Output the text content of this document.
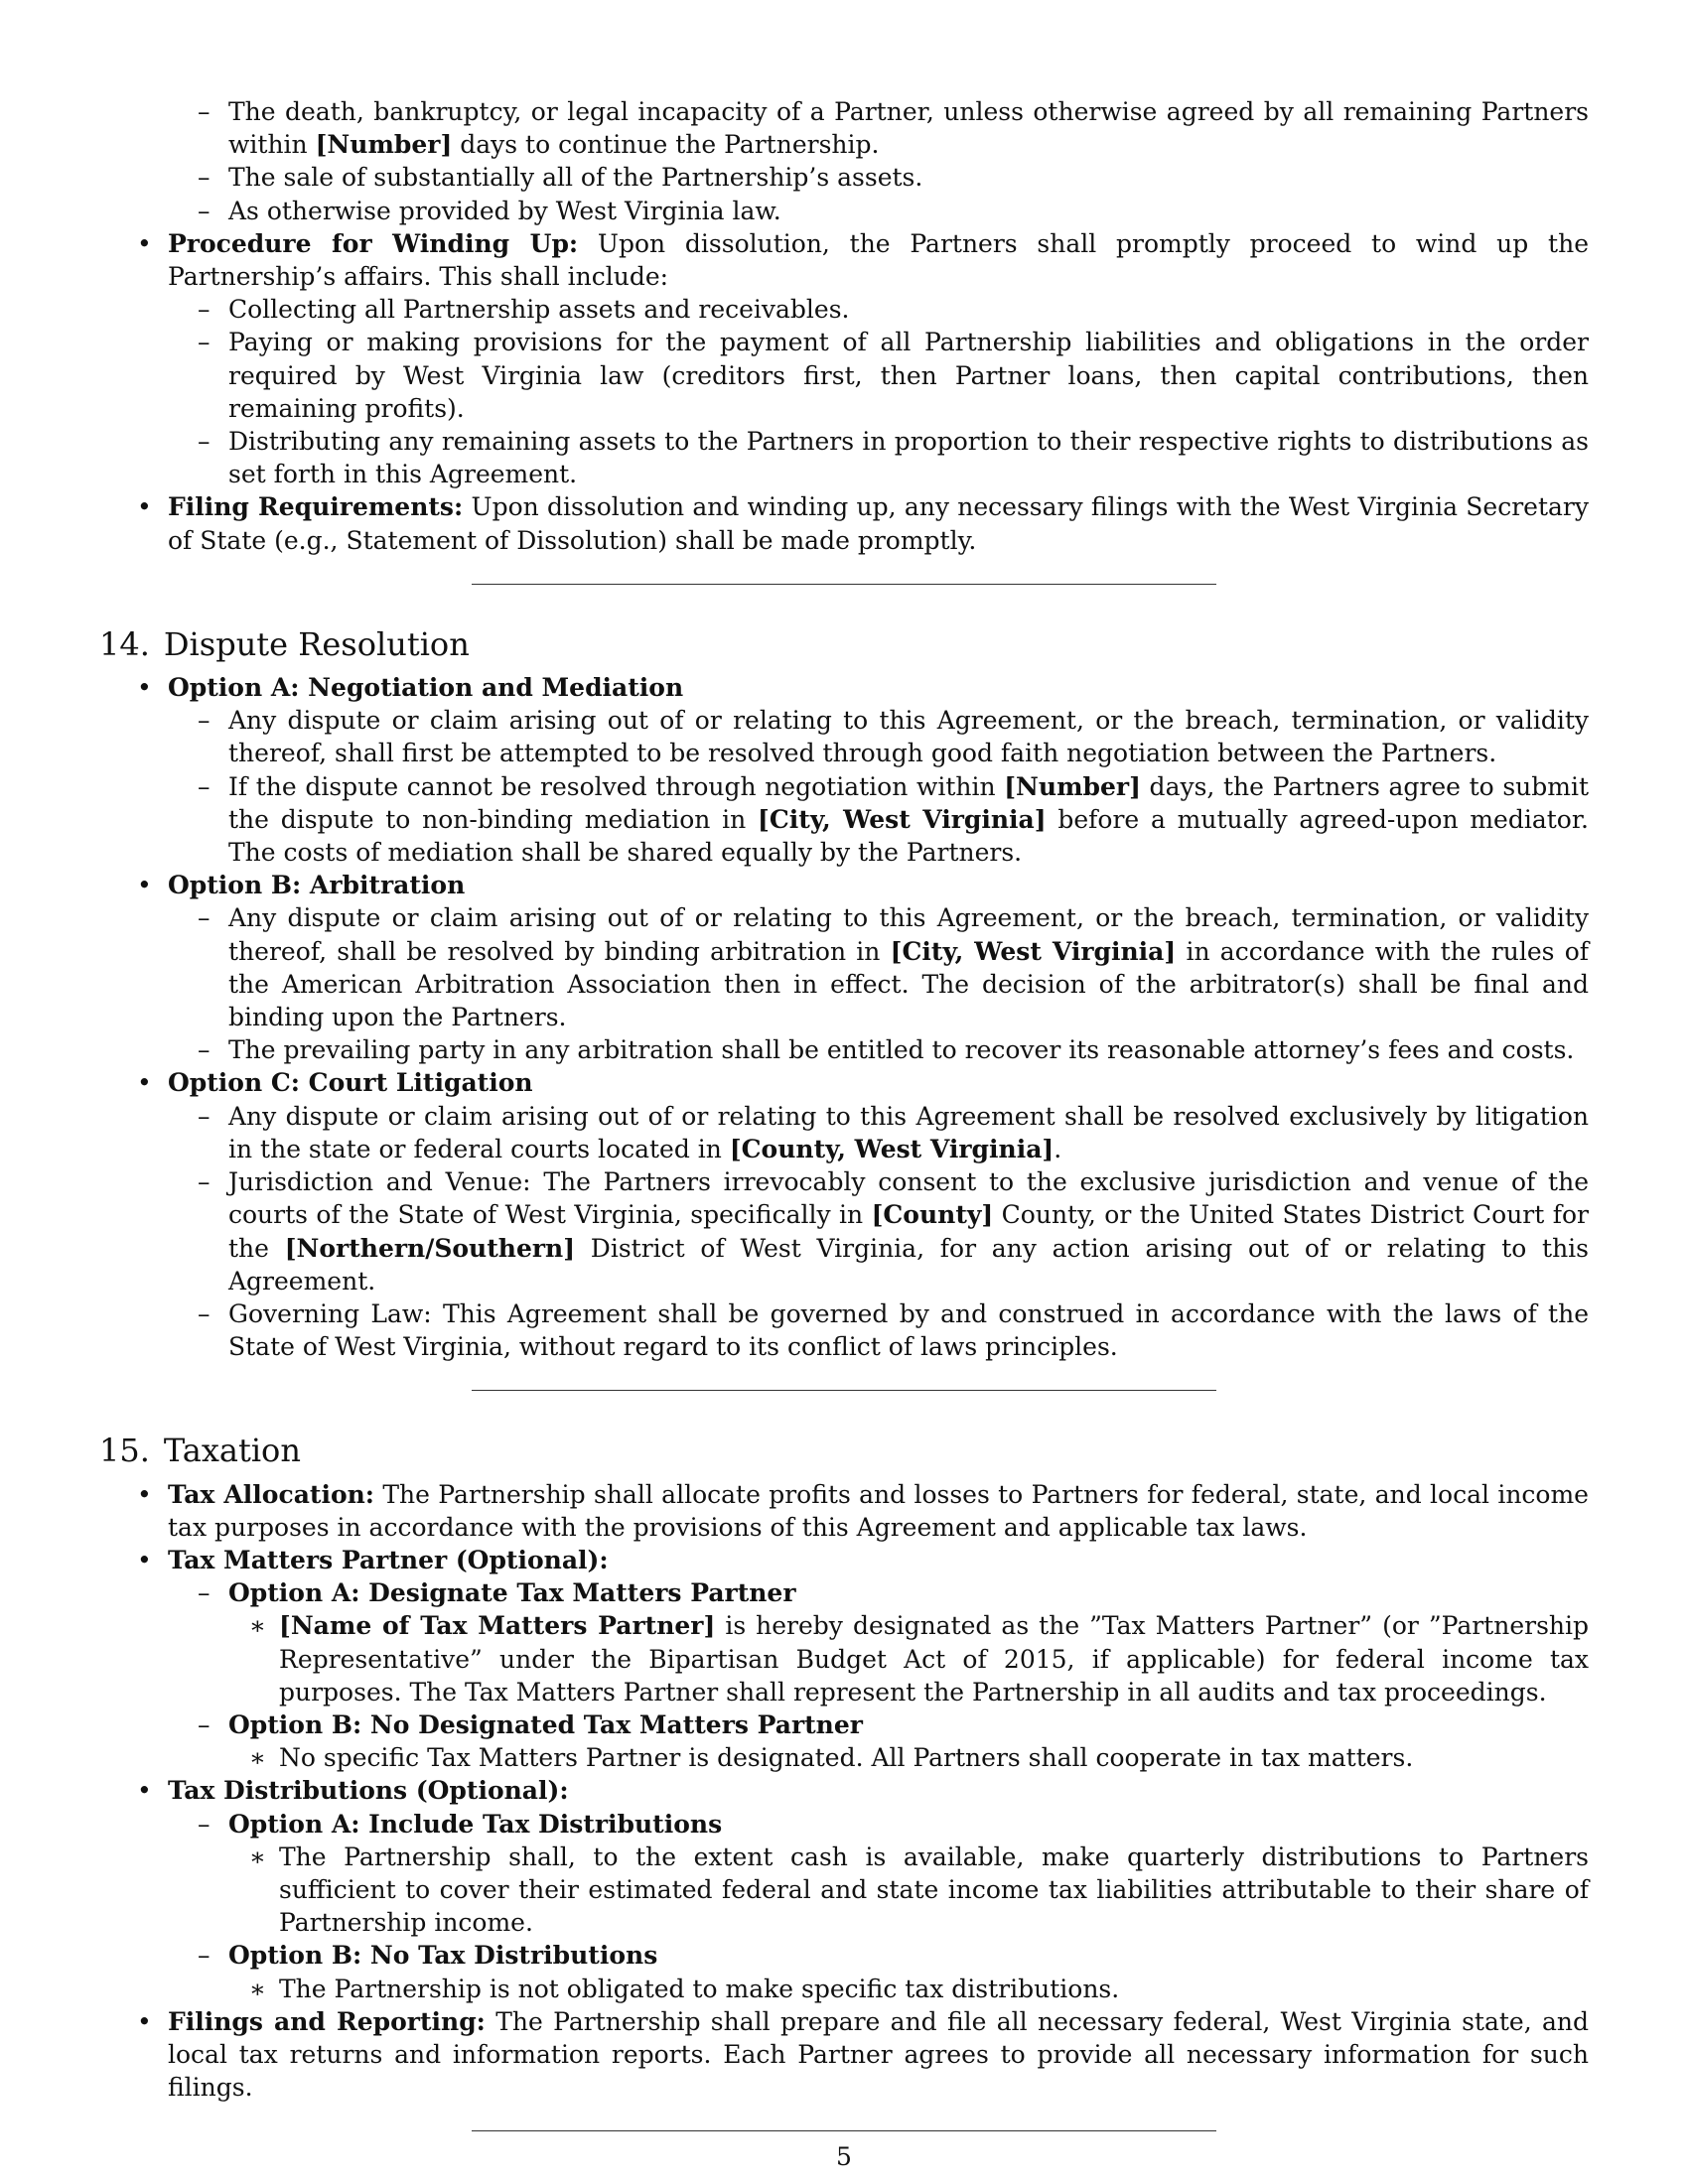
– The death, bankruptcy, or legal incapacity of a Partner, unless otherwise agreed by all remaining Partners within [Number] days to continue the Partnership.
– The sale of substantially all of the Partnership’s assets.
– As otherwise provided by West Virginia law.
• Procedure for Winding Up: Upon dissolution, the Partners shall promptly proceed to wind up the Partnership’s affairs. This shall include:
– Collecting all Partnership assets and receivables.
– Paying or making provisions for the payment of all Partnership liabilities and obligations in the order required by West Virginia law (creditors first, then Partner loans, then capital contributions, then remaining profits).
– Distributing any remaining assets to the Partners in proportion to their respective rights to distributions as set forth in this Agreement.
• Filing Requirements: Upon dissolution and winding up, any necessary filings with the West Virginia Secretary of State (e.g., Statement of Dissolution) shall be made promptly.
14. Dispute Resolution
• Option A: Negotiation and Mediation
– Any dispute or claim arising out of or relating to this Agreement, or the breach, termination, or validity thereof, shall first be attempted to be resolved through good faith negotiation between the Partners.
– If the dispute cannot be resolved through negotiation within [Number] days, the Partners agree to submit the dispute to non-binding mediation in [City, West Virginia] before a mutually agreed-upon mediator. The costs of mediation shall be shared equally by the Partners.
• Option B: Arbitration
– Any dispute or claim arising out of or relating to this Agreement, or the breach, termination, or validity thereof, shall be resolved by binding arbitration in [City, West Virginia] in accordance with the rules of the American Arbitration Association then in effect. The decision of the arbitrator(s) shall be final and binding upon the Partners.
– The prevailing party in any arbitration shall be entitled to recover its reasonable attorney’s fees and costs.
• Option C: Court Litigation
– Any dispute or claim arising out of or relating to this Agreement shall be resolved exclusively by litigation in the state or federal courts located in [County, West Virginia].
– Jurisdiction and Venue: The Partners irrevocably consent to the exclusive jurisdiction and venue of the courts of the State of West Virginia, specifically in [County] County, or the United States District Court for the [Northern/Southern] District of West Virginia, for any action arising out of or relating to this Agreement.
– Governing Law: This Agreement shall be governed by and construed in accordance with the laws of the State of West Virginia, without regard to its conflict of laws principles.
15. Taxation
• Tax Allocation: The Partnership shall allocate profits and losses to Partners for federal, state, and local income tax purposes in accordance with the provisions of this Agreement and applicable tax laws.
• Tax Matters Partner (Optional):
– Option A: Designate Tax Matters Partner
∗ [Name of Tax Matters Partner] is hereby designated as the ”Tax Matters Partner” (or ”Partnership Representative” under the Bipartisan Budget Act of 2015, if applicable) for federal income tax purposes. The Tax Matters Partner shall represent the Partnership in all audits and tax proceedings.
– Option B: No Designated Tax Matters Partner
∗ No specific Tax Matters Partner is designated. All Partners shall cooperate in tax matters.
• Tax Distributions (Optional):
– Option A: Include Tax Distributions
∗ The Partnership shall, to the extent cash is available, make quarterly distributions to Partners sufficient to cover their estimated federal and state income tax liabilities attributable to their share of Partnership income.
– Option B: No Tax Distributions
∗ The Partnership is not obligated to make specific tax distributions.
• Filings and Reporting: The Partnership shall prepare and file all necessary federal, West Virginia state, and local tax returns and information reports. Each Partner agrees to provide all necessary information for such filings.
5
